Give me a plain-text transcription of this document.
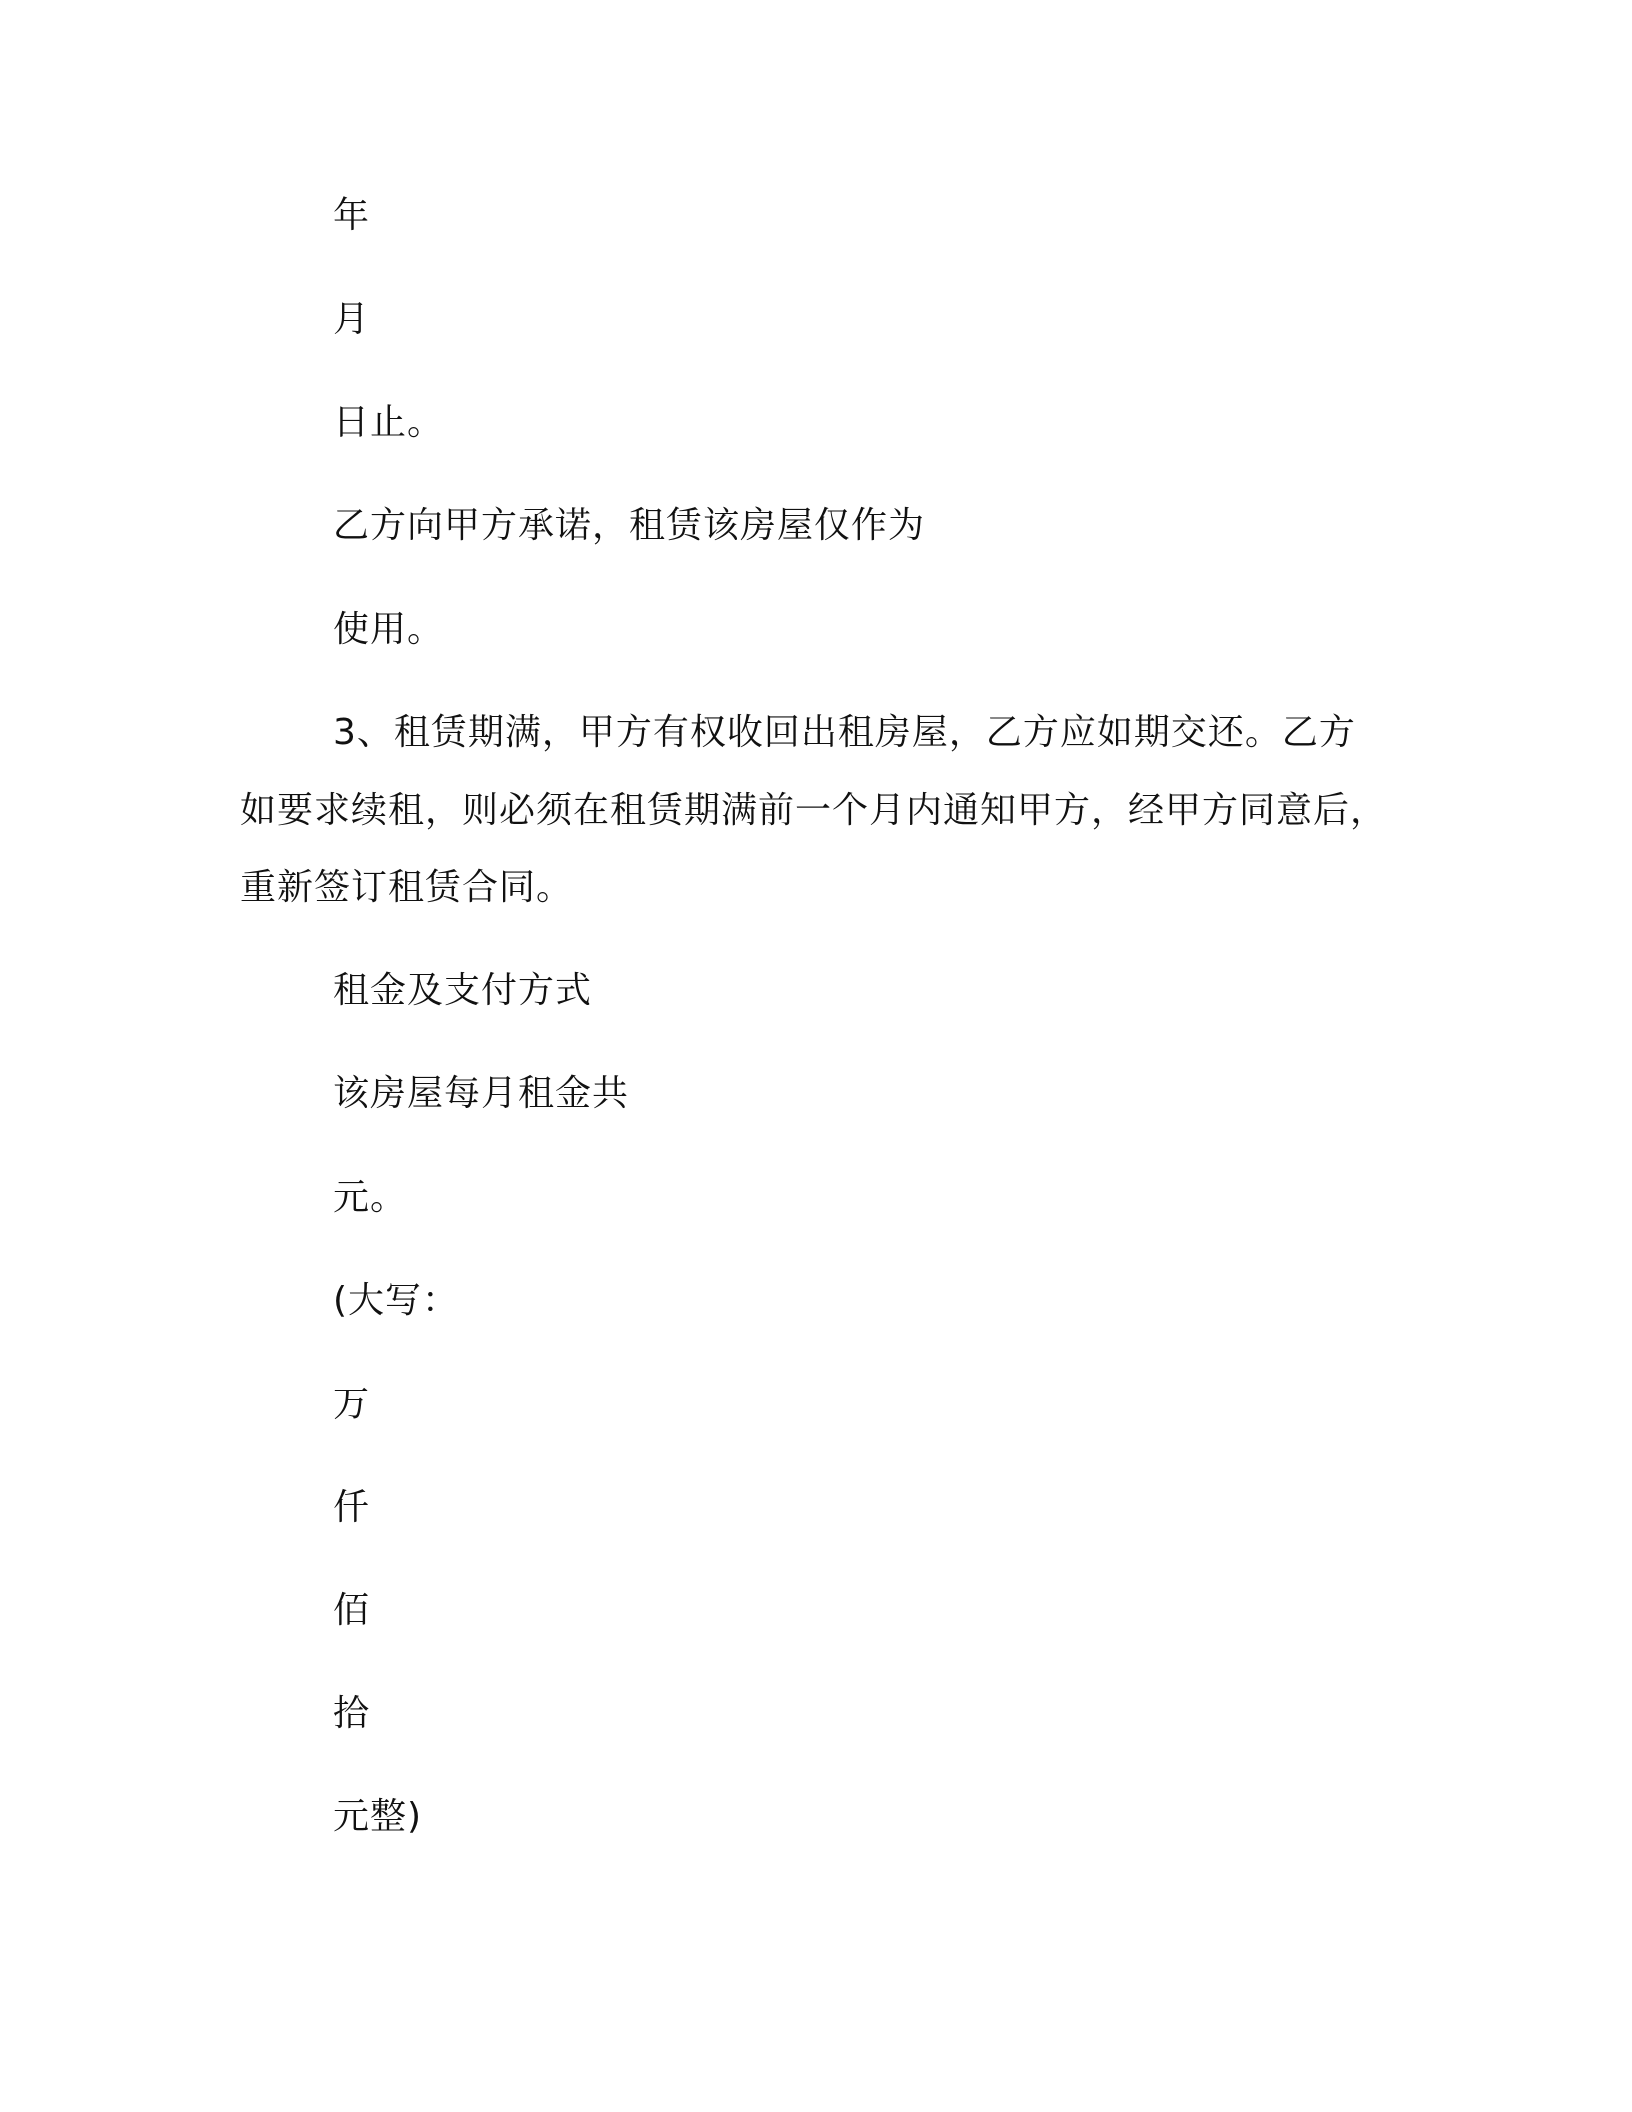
年

月

日止。

乙方向甲方承诺，租赁该房屋仅作为

使用。

3、租赁期满，甲方有权收回出租房屋，乙方应如期交还。乙方

如要求续租，则必须在租赁期满前一个月内通知甲方，经甲方同意后，

重新签订租赁合同。

租金及支付方式

该房屋每月租金共

元。

(大写：

万

仟

佰

拾

元整)
